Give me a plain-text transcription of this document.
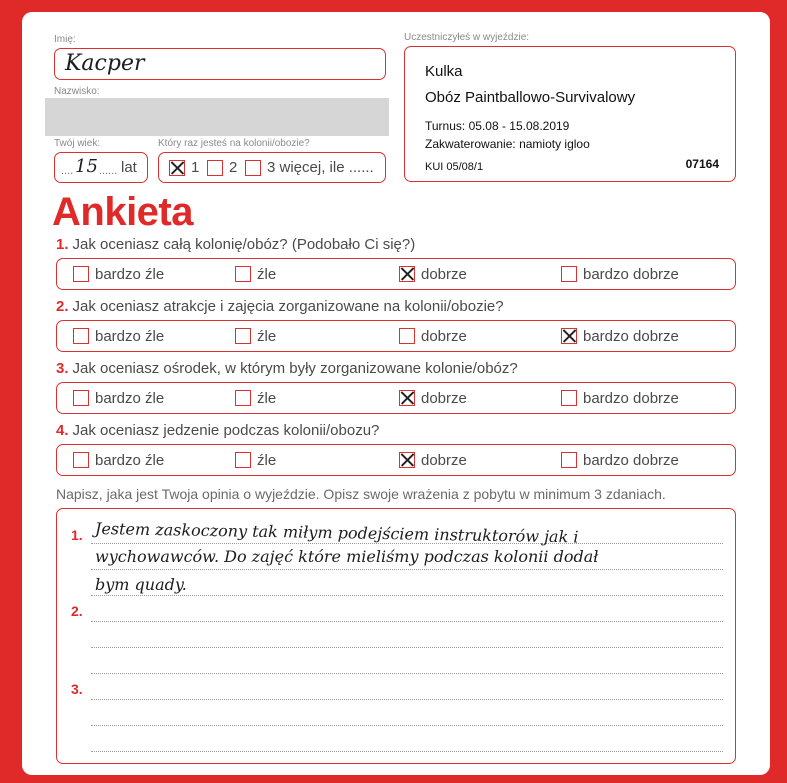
Imię:
Kacper
Nazwisko:
Twój wiek:
.... 15 ...... lat
Który raz jesteś na kolonii/obozie?
1 2 3 więcej, ile ......
Uczestniczyłeś w wyjeździe:
Kulka
Obóz Paintballowo-Survivalowy
Turnus: 05.08 - 15.08.2019
Zakwaterowanie: namioty igloo
KUI 05/08/1	07164
Ankieta
1. Jak oceniasz całą kolonię/obóz? (Podobało Ci się?)
bardzo źle	źle	dobrze	bardzo dobrze
2. Jak oceniasz atrakcje i zajęcia zorganizowane na kolonii/obozie?
bardzo źle	źle	dobrze	bardzo dobrze
3. Jak oceniasz ośrodek, w którym były zorganizowane kolonie/obóz?
bardzo źle	źle	dobrze	bardzo dobrze
4. Jak oceniasz jedzenie podczas kolonii/obozu?
bardzo źle	źle	dobrze	bardzo dobrze
Napisz, jaka jest Twoja opinia o wyjeździe. Opisz swoje wrażenia z pobytu w minimum 3 zdaniach.
1.
2.
3.
Jestem zaskoczony tak miłym podejściem instruktorów jak i
wychowawców. Do zajęć które mieliśmy podczas kolonii dodał
bym quady.
